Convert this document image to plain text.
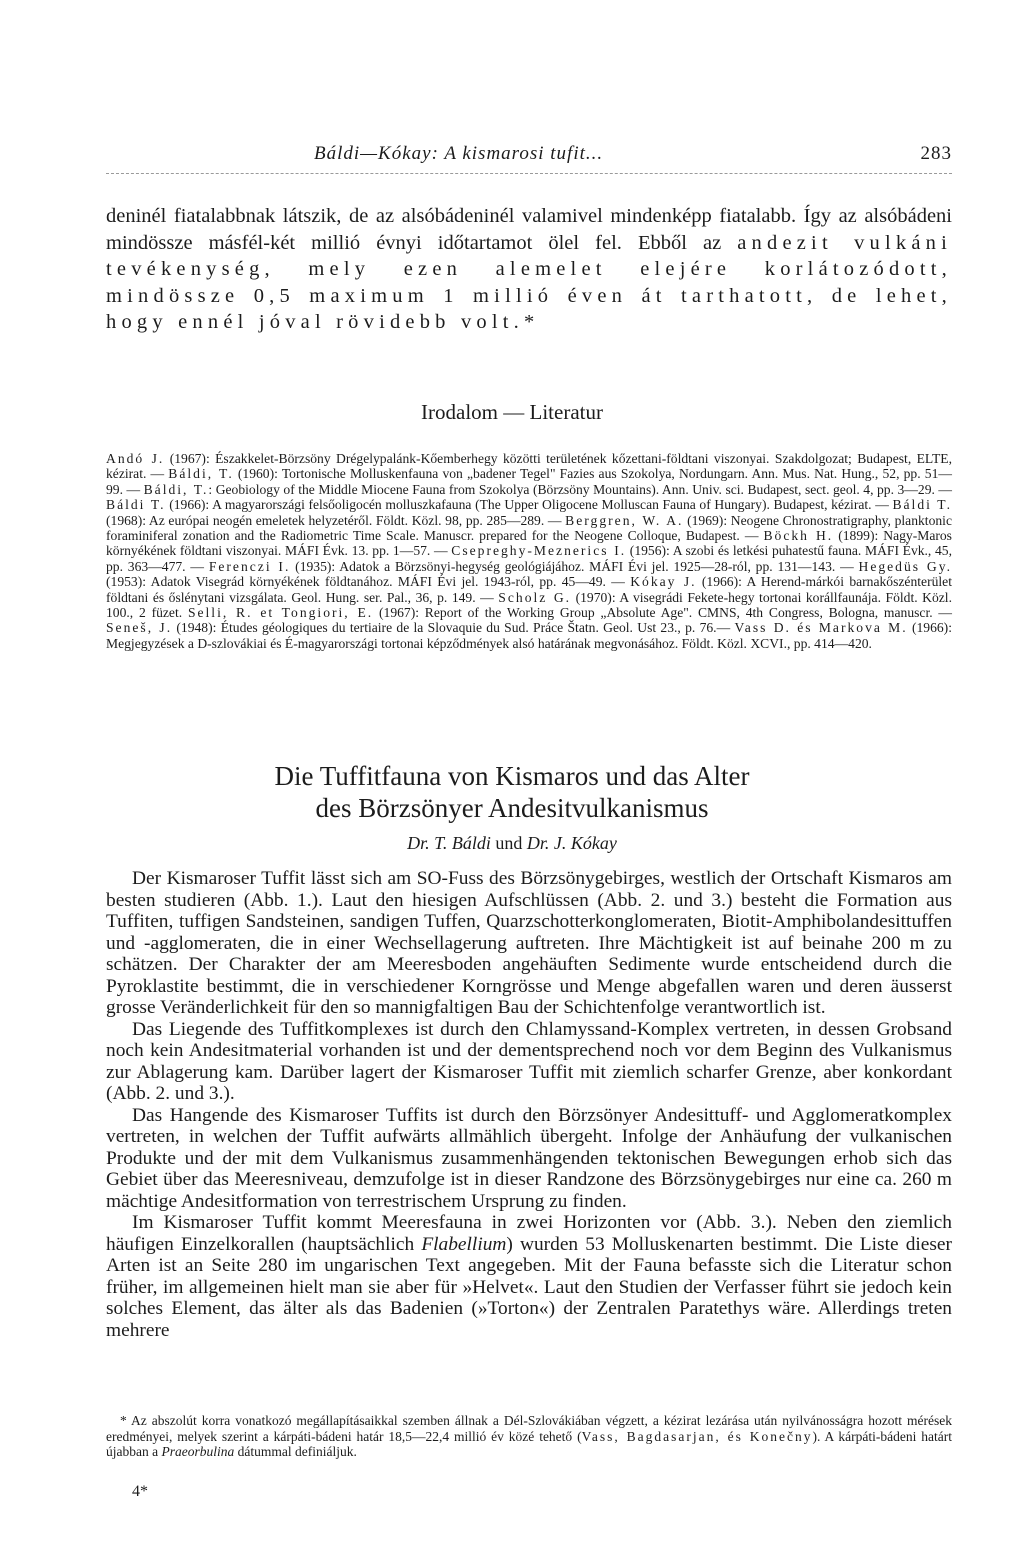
Báldi—Kókay: A kismarosi tufit...	283

deninél fiatalabbnak látszik, de az alsóbádeninél valamivel mindenképp fiatalabb. Így az alsóbádeni mindössze másfél-két millió évnyi időtartamot ölel fel. Ebből az andezit vulkáni tevékenység, mely ezen alemelet elejére korlátozódott, mindössze 0,5 maximum 1 millió éven át tarthatott, de lehet, hogy ennél jóval rövidebb volt.*

Irodalom — Literatur

Andó J. (1967): Északkelet-Börzsöny Drégelypalánk-Kőemberhegy közötti területének kőzettani-földtani viszonyai. Szakdolgozat; Budapest, ELTE, kézirat. — Báldi, T. (1960): Tortonische Molluskenfauna von „badener Tegel" Fazies aus Szokolya, Nordungarn. Ann. Mus. Nat. Hung., 52, pp. 51—99. — Báldi, T.: Geobiology of the Middle Miocene Fauna from Szokolya (Börzsöny Mountains). Ann. Univ. sci. Budapest, sect. geol. 4, pp. 3—29. — Báldi T. (1966): A magyarországi felsőoligocén molluszkafauna (The Upper Oligocene Molluscan Fauna of Hungary). Budapest, kézirat. — Báldi T. (1968): Az európai neogén emeletek helyzetéről. Földt. Közl. 98, pp. 285—289. — Berggren, W. A. (1969): Neogene Chronostratigraphy, planktonic foraminiferal zonation and the Radiometric Time Scale. Manuscr. prepared for the Neogene Colloque, Budapest. — Böckh H. (1899): Nagy-Maros környékének földtani viszonyai. MÁFI Évk. 13. pp. 1—57. — Csepreghy-Meznerics I. (1956): A szobi és letkési puhatestű fauna. MÁFI Évk., 45, pp. 363—477. — Ferenczi I. (1935): Adatok a Börzsönyi-hegység geológiájához. MÁFI Évi jel. 1925—28-ról, pp. 131—143. — Hegedüs Gy. (1953): Adatok Visegrád környékének földtanához. MÁFI Évi jel. 1943-ról, pp. 45—49. — Kókay J. (1966): A Herend-márkói barnakőszénterület földtani és őslénytani vizsgálata. Geol. Hung. ser. Pal., 36, p. 149. — Scholz G. (1970): A visegrádi Fekete-hegy tortonai korállfaunája. Földt. Közl. 100., 2 füzet. Selli, R. et Tongiori, E. (1967): Report of the Working Group „Absolute Age". CMNS, 4th Congress, Bologna, manuscr. — Seneš, J. (1948): Études géologiques du tertiaire de la Slovaquie du Sud. Práce Štatn. Geol. Ust 23., p. 76.— Vass D. és Markova M. (1966): Megjegyzések a D-szlovákiai és É-magyarországi tortonai képződmények alsó határának megvonásához. Földt. Közl. XCVI., pp. 414—420.

Die Tuffitfauna von Kismaros und das Alter
des Börzsönyer Andesitvulkanismus

Dr. T. Báldi und Dr. J. Kókay

Der Kismaroser Tuffit lässt sich am SO-Fuss des Börzsönygebirges, westlich der Ortschaft Kismaros am besten studieren (Abb. 1.). Laut den hiesigen Aufschlüssen (Abb. 2. und 3.) besteht die Formation aus Tuffiten, tuffigen Sandsteinen, sandigen Tuffen, Quarzschotterkonglomeraten, Biotit-Amphibolandesittuffen und -agglomeraten, die in einer Wechsellagerung auftreten. Ihre Mächtigkeit ist auf beinahe 200 m zu schätzen. Der Charakter der am Meeresboden angehäuften Sedimente wurde entscheidend durch die Pyroklastite bestimmt, die in verschiedener Korngrösse und Menge abgefallen waren und deren äusserst grosse Veränderlichkeit für den so mannigfaltigen Bau der Schichtenfolge verantwortlich ist.

Das Liegende des Tuffitkomplexes ist durch den Chlamyssand-Komplex vertreten, in dessen Grobsand noch kein Andesitmaterial vorhanden ist und der dementsprechend noch vor dem Beginn des Vulkanismus zur Ablagerung kam. Darüber lagert der Kismaroser Tuffit mit ziemlich scharfer Grenze, aber konkordant (Abb. 2. und 3.).

Das Hangende des Kismaroser Tuffits ist durch den Börzsönyer Andesittuff- und Agglomeratkomplex vertreten, in welchen der Tuffit aufwärts allmählich übergeht. Infolge der Anhäufung der vulkanischen Produkte und der mit dem Vulkanismus zusammenhängenden tektonischen Bewegungen erhob sich das Gebiet über das Meeresniveau, demzufolge ist in dieser Randzone des Börzsönygebirges nur eine ca. 260 m mächtige Andesitformation von terrestrischem Ursprung zu finden.

Im Kismaroser Tuffit kommt Meeresfauna in zwei Horizonten vor (Abb. 3.). Neben den ziemlich häufigen Einzelkorallen (hauptsächlich Flabellium) wurden 53 Molluskenarten bestimmt. Die Liste dieser Arten ist an Seite 280 im ungarischen Text angegeben. Mit der Fauna befasste sich die Literatur schon früher, im allgemeinen hielt man sie aber für »Helvet«. Laut den Studien der Verfasser führt sie jedoch kein solches Element, das älter als das Badenien (»Torton«) der Zentralen Paratethys wäre. Allerdings treten mehrere

* Az abszolút korra vonatkozó megállapításaikkal szemben állnak a Dél-Szlovákiában végzett, a kézirat lezárása után nyilvánosságra hozott mérések eredményei, melyek szerint a kárpáti-bádeni határ 18,5—22,4 millió év közé tehető (Vass, Bagdasarjan, és Konečny). A kárpáti-bádeni határt újabban a Praeorbulina dátummal definiáljuk.

4*
